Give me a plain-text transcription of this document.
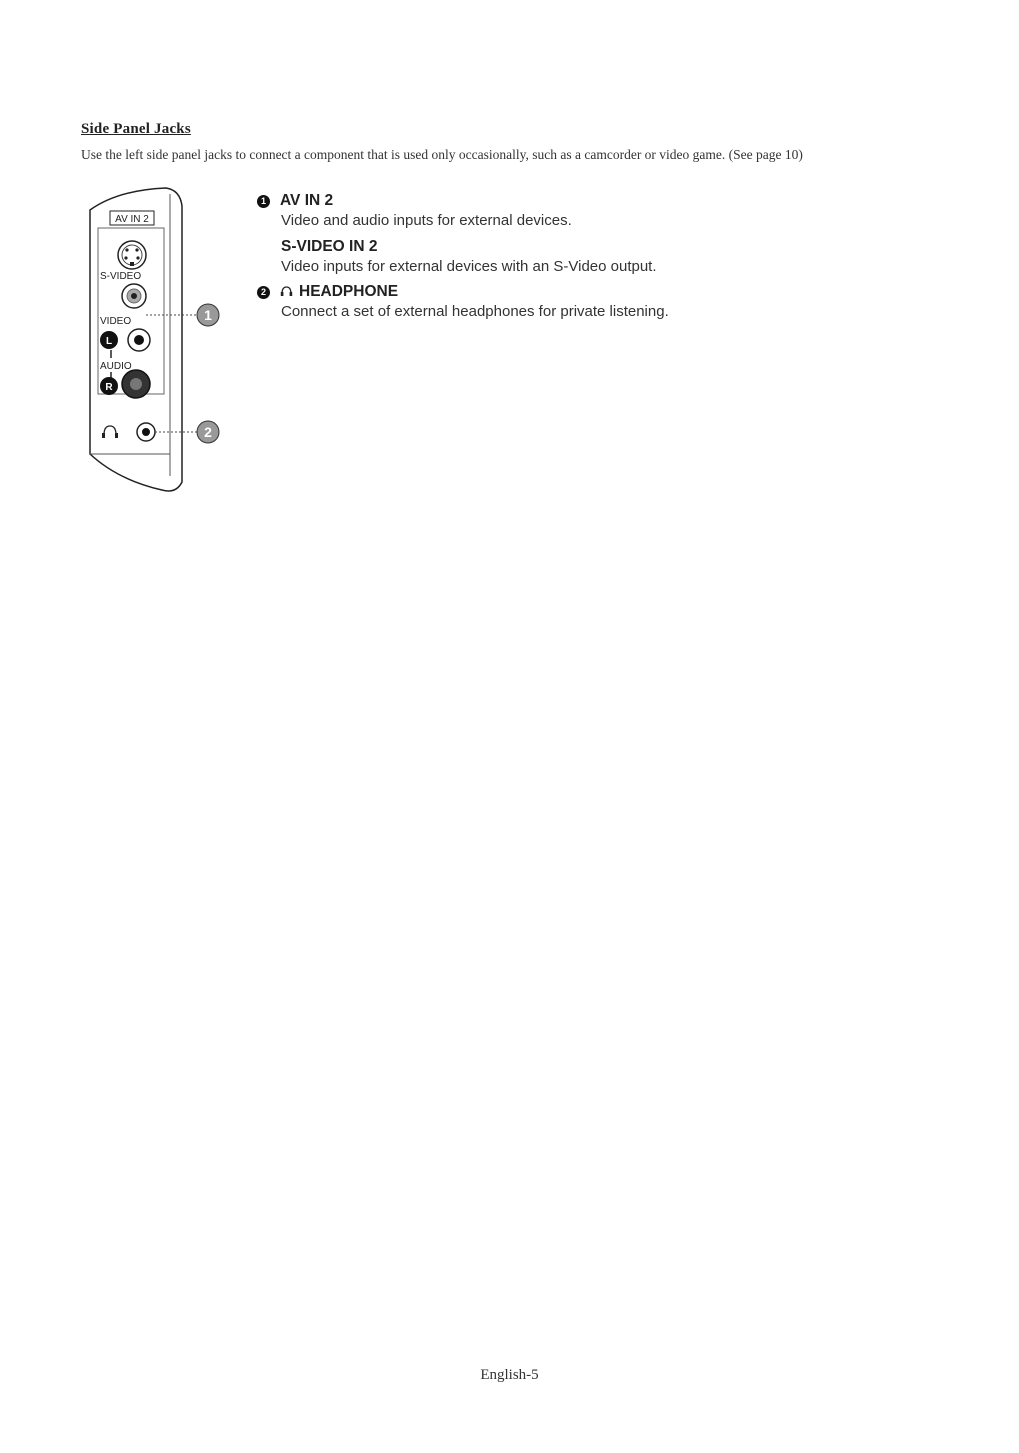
Side Panel Jacks
Use the left side panel jacks to connect a component that is used only occasionally, such as a camcorder or video game. (See page 10)
AV IN 2
S-VIDEO
VIDEO
L
AUDIO
R
1
2
1 AV IN 2
Video and audio inputs for external devices.
S-VIDEO IN 2
Video inputs for external devices with an S-Video output.
2 HEADPHONE
Connect a set of external headphones for private listening.
English-5
